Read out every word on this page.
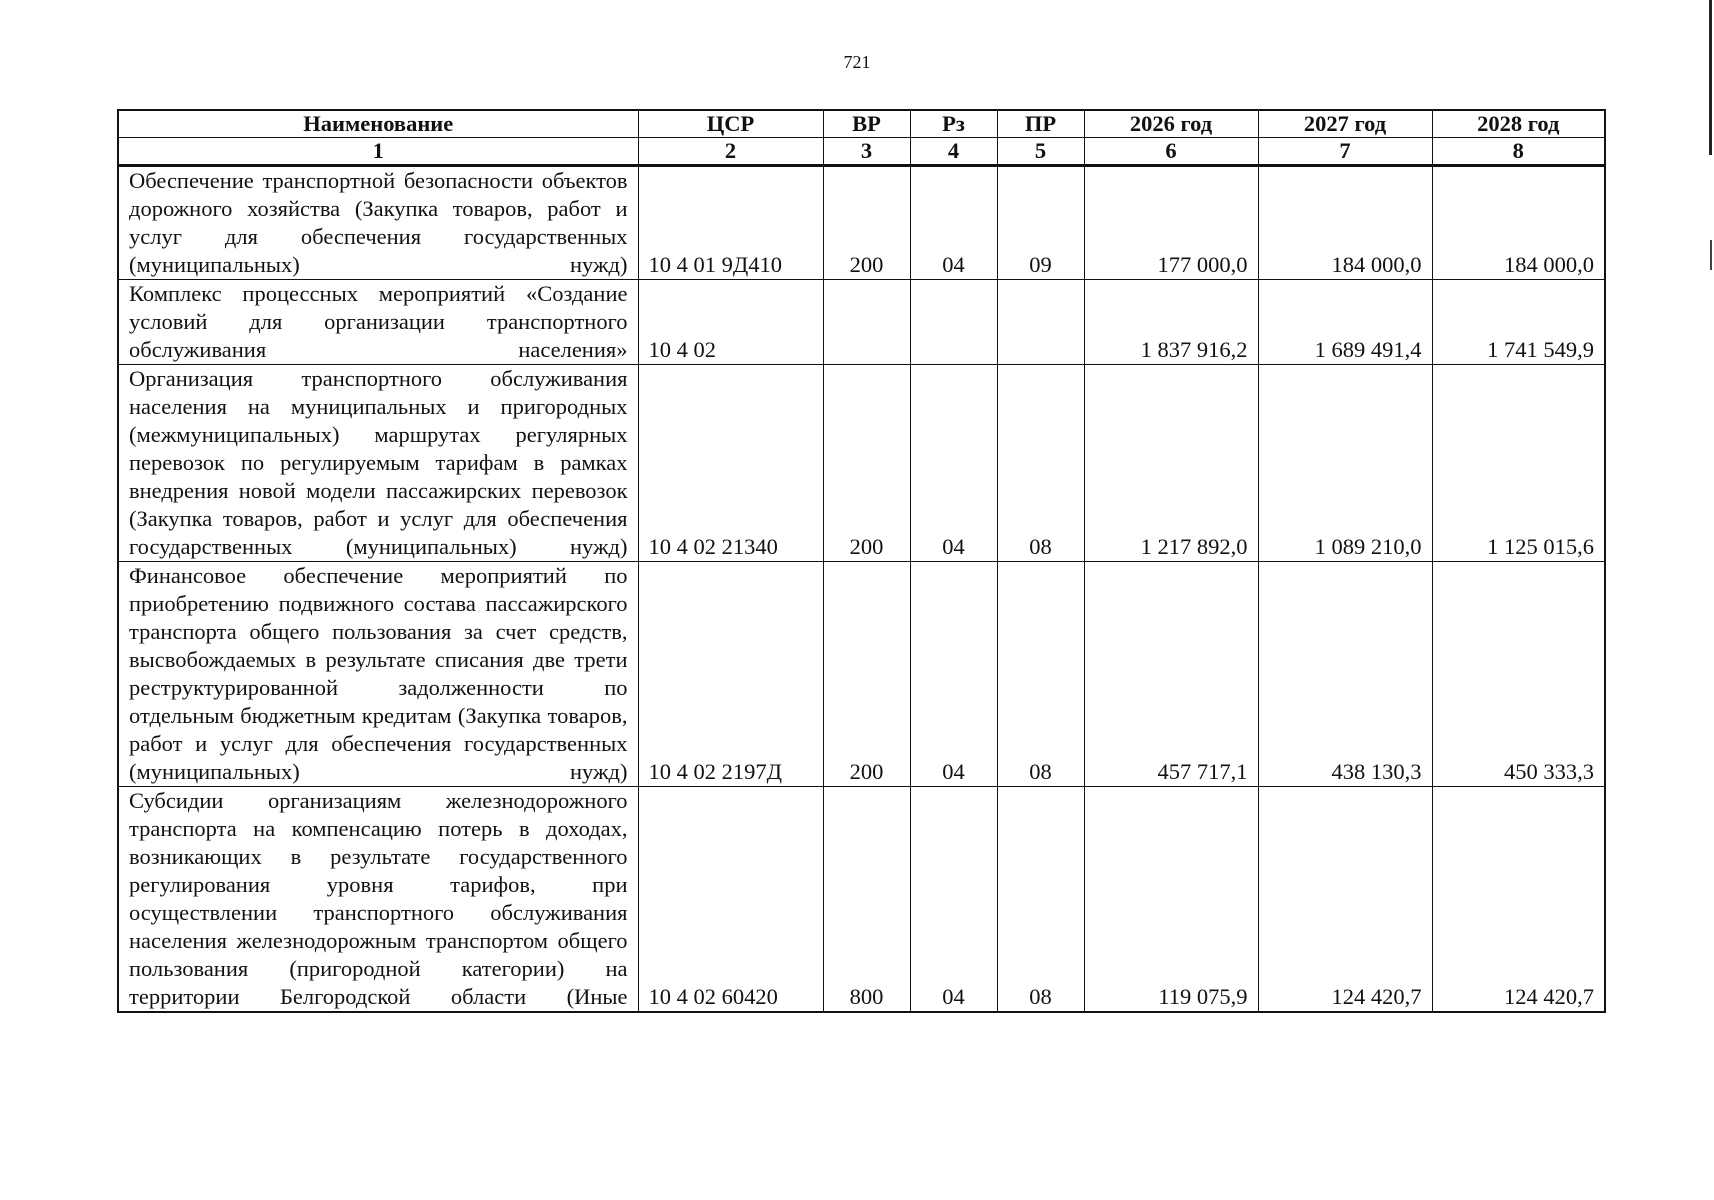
721
Наименование	ЦСР	ВР	Рз	ПР	2026 год	2027 год	2028 год
1	2	3	4	5	6	7	8
Обеспечение транспортной безопасности объектов дорожного хозяйства (Закупка товаров, работ и услуг для обеспечения государственных (муниципальных) нужд)	10 4 01 9Д410	200	04	09	177 000,0	184 000,0	184 000,0
Комплекс процессных мероприятий «Создание условий для организации транспортного обслуживания населения»	10 4 02				1 837 916,2	1 689 491,4	1 741 549,9
Организация транспортного обслуживания населения на муниципальных и пригородных (межмуниципальных) маршрутах регулярных перевозок по регулируемым тарифам в рамках внедрения новой модели пассажирских перевозок (Закупка товаров, работ и услуг для обеспечения государственных (муниципальных) нужд)	10 4 02 21340	200	04	08	1 217 892,0	1 089 210,0	1 125 015,6
Финансовое обеспечение мероприятий по приобретению подвижного состава пассажирского транспорта общего пользования за счет средств, высвобождаемых в результате списания две трети реструктурированной задолженности по отдельным бюджетным кредитам (Закупка товаров, работ и услуг для обеспечения государственных (муниципальных) нужд)	10 4 02 2197Д	200	04	08	457 717,1	438 130,3	450 333,3
Субсидии организациям железнодорожного транспорта на компенсацию потерь в доходах, возникающих в результате государственного регулирования уровня тарифов, при осуществлении транспортного обслуживания населения железнодорожным транспортом общего пользования (пригородной категории) на территории Белгородской области (Иные	10 4 02 60420	800	04	08	119 075,9	124 420,7	124 420,7
